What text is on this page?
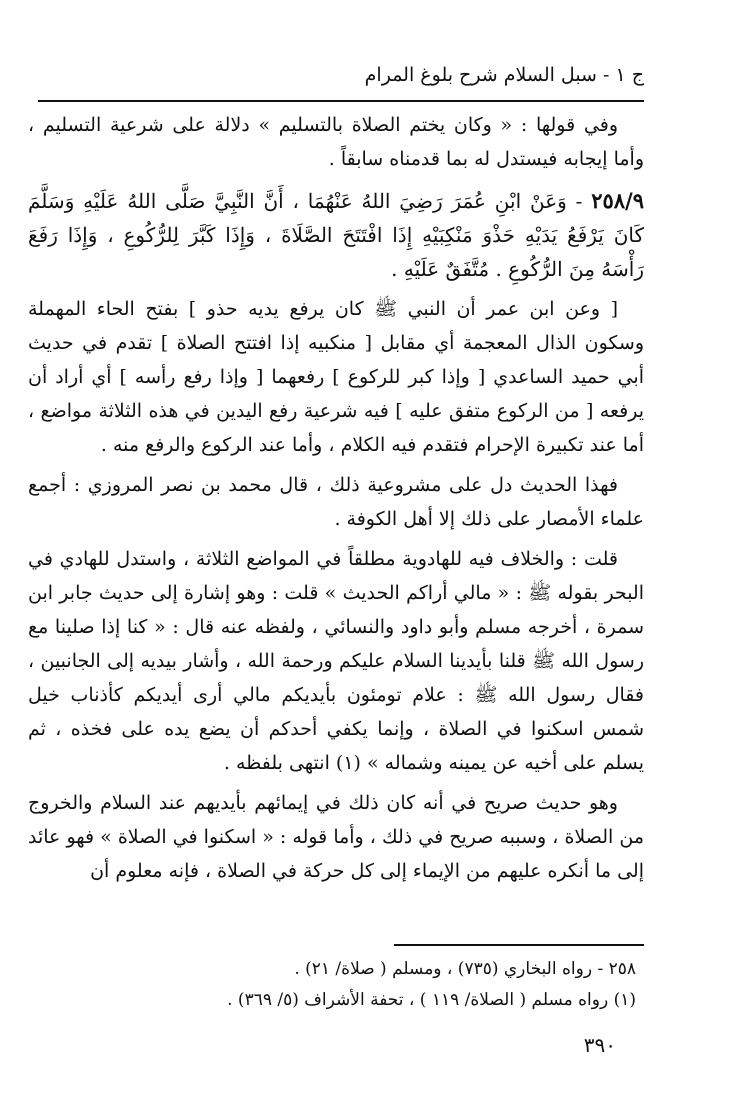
ج ١ - سبل السلام شرح بلوغ المرام

وفي قولها : « وكان يختم الصلاة بالتسليم » دلالة على شرعية التسليم ، وأما إيجابه فيستدل له بما قدمناه سابقاً .

٢٥٨/٩ - وَعَنْ ابْنِ عُمَرَ رَضِيَ اللهُ عَنْهُمَا ، أَنَّ النَّبِيَّ صَلَّى اللهُ عَلَيْهِ وَسَلَّمَ كَانَ يَرْفَعُ يَدَيْهِ حَذْوَ مَنْكِبَيْهِ إِذَا افْتَتَحَ الصَّلَاةَ ، وَإِذَا كَبَّرَ لِلرُّكُوعِ ، وَإِذَا رَفَعَ رَأْسَهُ مِنَ الرُّكُوعِ . مُتَّفَقٌ عَلَيْهِ .

[ وعن ابن عمر أن النبي ﷺ كان يرفع يديه حذو ] بفتح الحاء المهملة وسكون الذال المعجمة أي مقابل [ منكبيه إذا افتتح الصلاة ] تقدم في حديث أبي حميد الساعدي [ وإذا كبر للركوع ] رفعهما [ وإذا رفع رأسه ] أي أراد أن يرفعه [ من الركوع متفق عليه ] فيه شرعية رفع اليدين في هذه الثلاثة مواضع ، أما عند تكبيرة الإحرام فتقدم فيه الكلام ، وأما عند الركوع والرفع منه .

فهذا الحديث دل على مشروعية ذلك ، قال محمد بن نصر المروزي : أجمع علماء الأمصار على ذلك إلا أهل الكوفة .

قلت : والخلاف فيه للهادوية مطلقاً في المواضع الثلاثة ، واستدل للهادي في البحر بقوله ﷺ : « مالي أراكم الحديث » قلت : وهو إشارة إلى حديث جابر ابن سمرة ، أخرجه مسلم وأبو داود والنسائي ، ولفظه عنه قال : « كنا إذا صلينا مع رسول الله ﷺ قلنا بأيدينا السلام عليكم ورحمة الله ، وأشار بيديه إلى الجانبين ، فقال رسول الله ﷺ : علام تومئون بأيديكم مالي أرى أيديكم كأذناب خيل شمس اسكنوا في الصلاة ، وإنما يكفي أحدكم أن يضع يده على فخذه ، ثم يسلم على أخيه عن يمينه وشماله » (١) انتهى بلفظه .

وهو حديث صريح في أنه كان ذلك في إيمائهم بأيديهم عند السلام والخروج من الصلاة ، وسببه صريح في ذلك ، وأما قوله : « اسكنوا في الصلاة » فهو عائد إلى ما أنكره عليهم من الإيماء إلى كل حركة في الصلاة ، فإنه معلوم أن

٢٥٨ - رواه البخاري (٧٣٥) ، ومسلم ( صلاة/ ٢١) .

(١) رواه مسلم ( الصلاة/ ١١٩ ) ، تحفة الأشراف (٥/ ٣٦٩) .

٣٩٠
